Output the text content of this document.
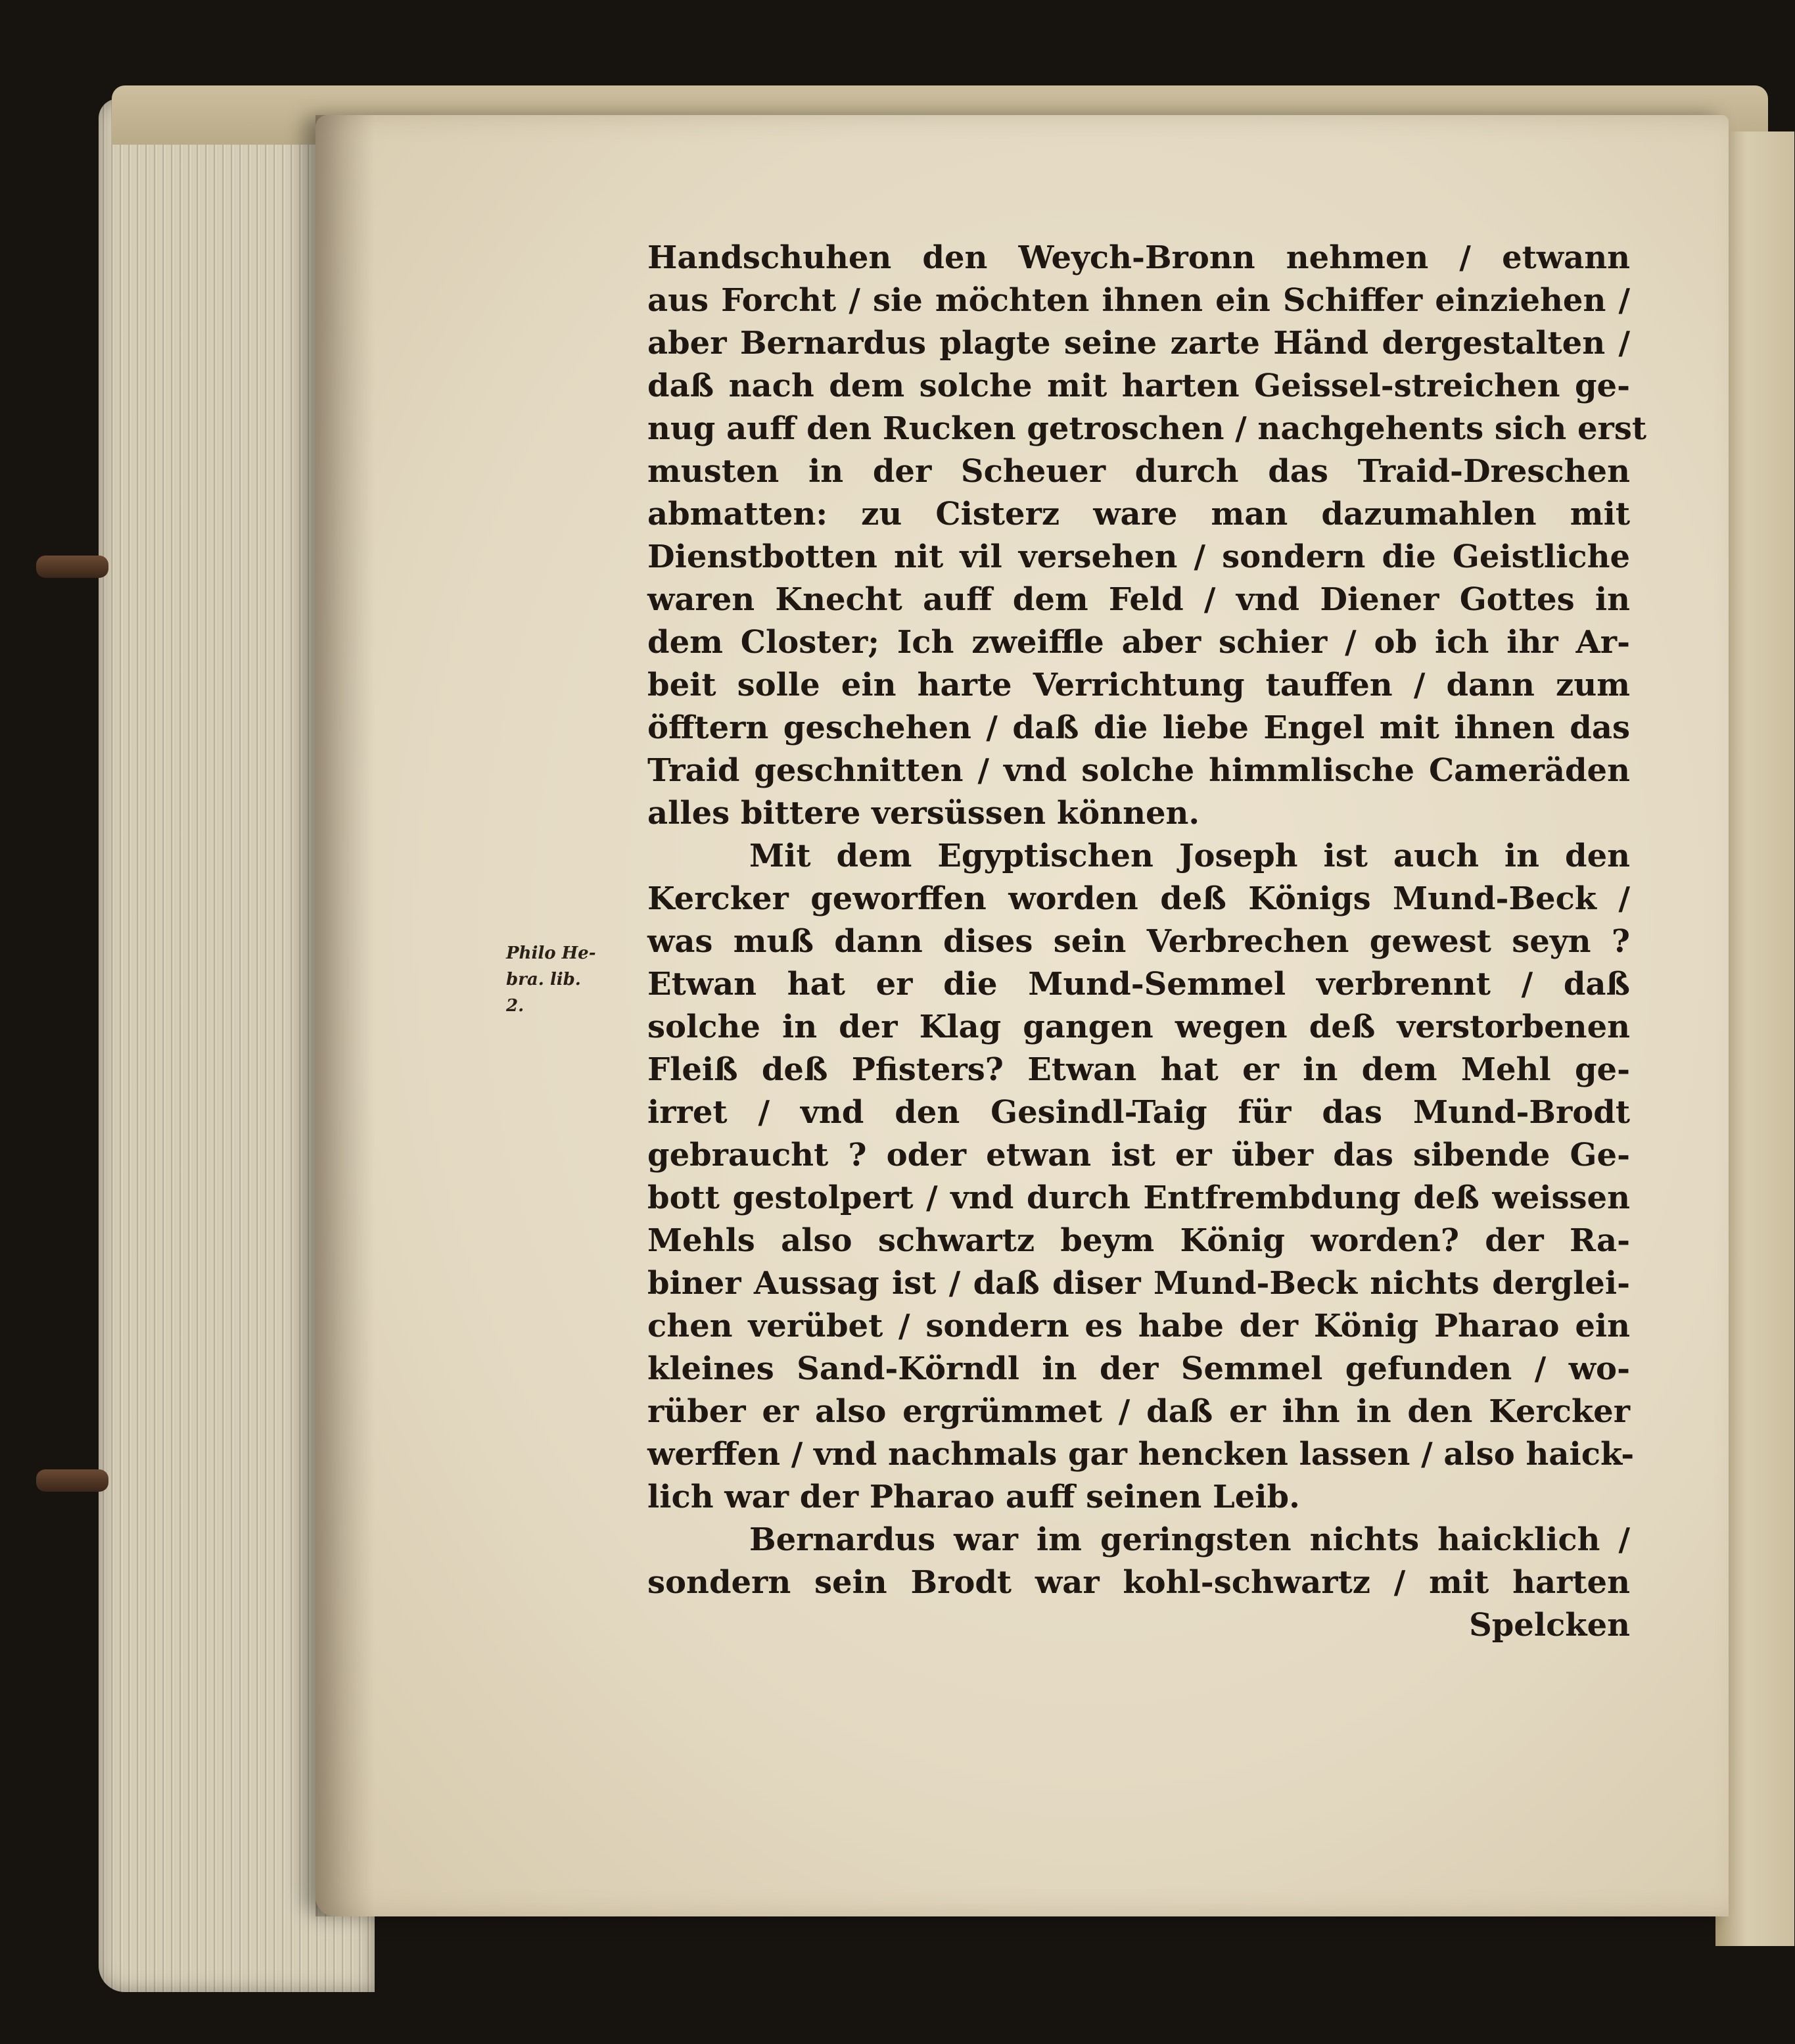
Philo He-
bra. lib.
2.
Handschuhen den Weych-Bronn nehmen / etwann
aus Forcht / sie möchten ihnen ein Schiffer einziehen /
aber Bernardus plagte seine zarte Händ dergestalten /
daß nach dem solche mit harten Geissel-streichen ge-
nug auff den Rucken getroschen / nachgehents sich erst
musten in der Scheuer durch das Traid-Dreschen
abmatten: zu Cisterz ware man dazumahlen mit
Dienstbotten nit vil versehen / sondern die Geistliche
waren Knecht auff dem Feld / vnd Diener Gottes in
dem Closter; Ich zweiffle aber schier / ob ich ihr Ar-
beit solle ein harte Verrichtung tauffen / dann zum
öfftern geschehen / daß die liebe Engel mit ihnen das
Traid geschnitten / vnd solche himmlische Cameräden
alles bittere versüssen können.
Mit dem Egyptischen Joseph ist auch in den
Kercker geworffen worden deß Königs Mund-Beck /
was muß dann dises sein Verbrechen gewest seyn ?
Etwan hat er die Mund-Semmel verbrennt / daß
solche in der Klag gangen wegen deß verstorbenen
Fleiß deß Pfisters? Etwan hat er in dem Mehl ge-
irret / vnd den Gesindl-Taig für das Mund-Brodt
gebraucht ? oder etwan ist er über das sibende Ge-
bott gestolpert / vnd durch Entfrembdung deß weissen
Mehls also schwartz beym König worden? der Ra-
biner Aussag ist / daß diser Mund-Beck nichts derglei-
chen verübet / sondern es habe der König Pharao ein
kleines Sand-Körndl in der Semmel gefunden / wo-
rüber er also ergrümmet / daß er ihn in den Kercker
werffen / vnd nachmals gar hencken lassen / also haick-
lich war der Pharao auff seinen Leib.
Bernardus war im geringsten nichts haicklich /
sondern sein Brodt war kohl-schwartz / mit harten
Spelcken
